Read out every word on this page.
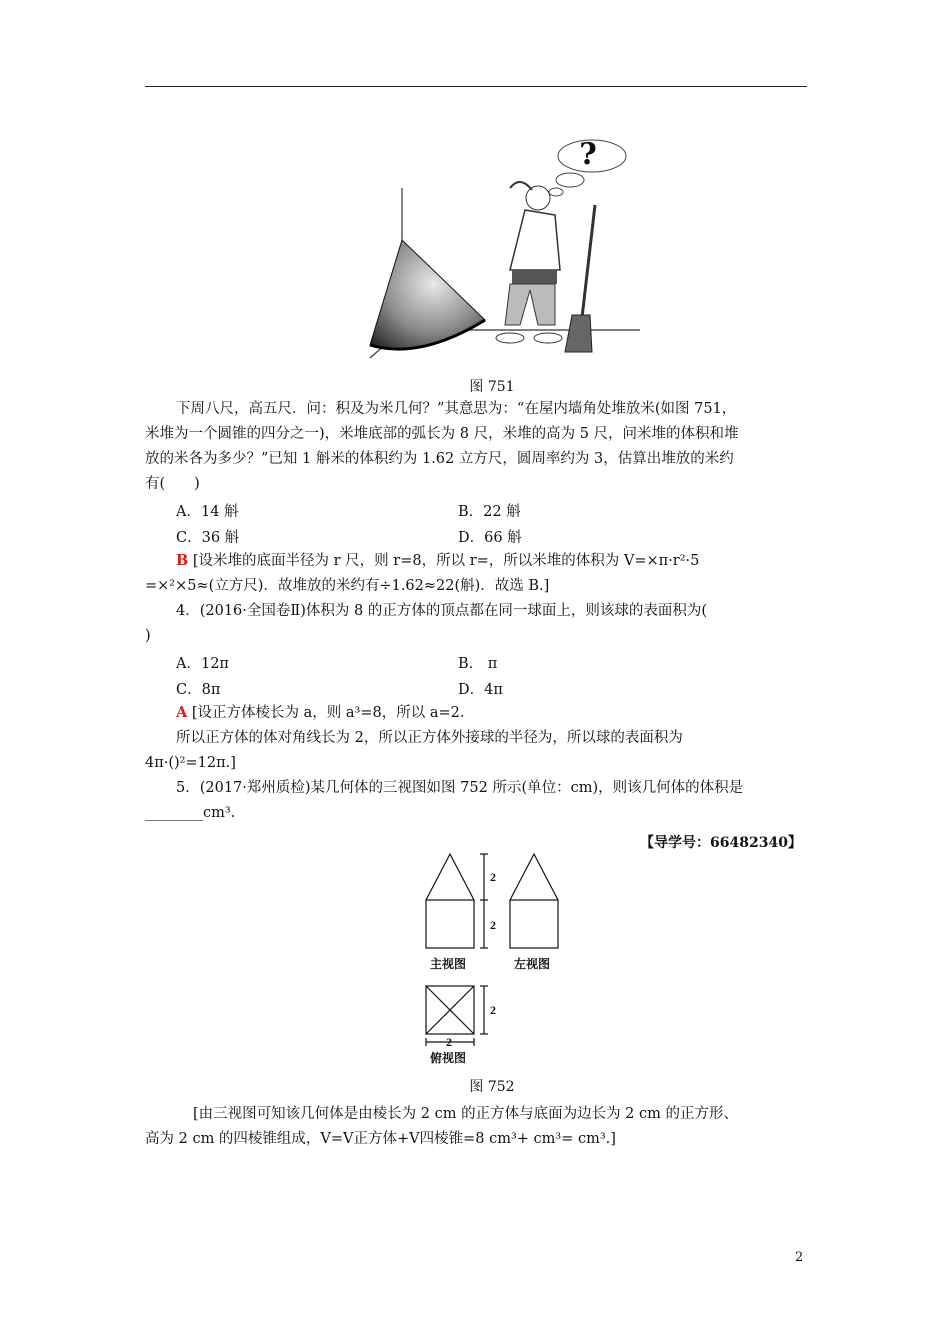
?
图 751
下周八尺，高五尺．问：积及为米几何？”其意思为：“在屋内墙角处堆放米(如图 751，
米堆为一个圆锥的四分之一)，米堆底部的弧长为 8 尺，米堆的高为 5 尺，问米堆的体积和堆
放的米各为多少？”已知 1 斛米的体积约为 1.62 立方尺，圆周率约为 3，估算出堆放的米约
有(　　)
A．14 斛	B．22 斛
C．36 斛	D．66 斛
B [设米堆的底面半径为 r 尺，则 r=8，所以 r=，所以米堆的体积为 V=×π·r²·5
=×²×5≈(立方尺)．故堆放的米约有÷1.62≈22(斛)．故选 B.]
4．(2016·全国卷Ⅱ)体积为 8 的正方体的顶点都在同一球面上，则该球的表面积为(
)
A．12π	B． π
C．8π	D．4π
A [设正方体棱长为 a，则 a³=8，所以 a=2.
所以正方体的体对角线长为 2，所以正方体外接球的半径为，所以球的表面积为
4π·()²=12π.]
5．(2017·郑州质检)某几何体的三视图如图 752 所示(单位：cm)，则该几何体的体积是
________cm³.
【导学号：66482340】
2
2
2
2
主视图	左视图
俯视图
图 752
[由三视图可知该几何体是由棱长为 2 cm 的正方体与底面为边长为 2 cm 的正方形、
高为 2 cm 的四棱锥组成，V=V正方体+V四棱锥=8 cm³+ cm³= cm³.]
2
